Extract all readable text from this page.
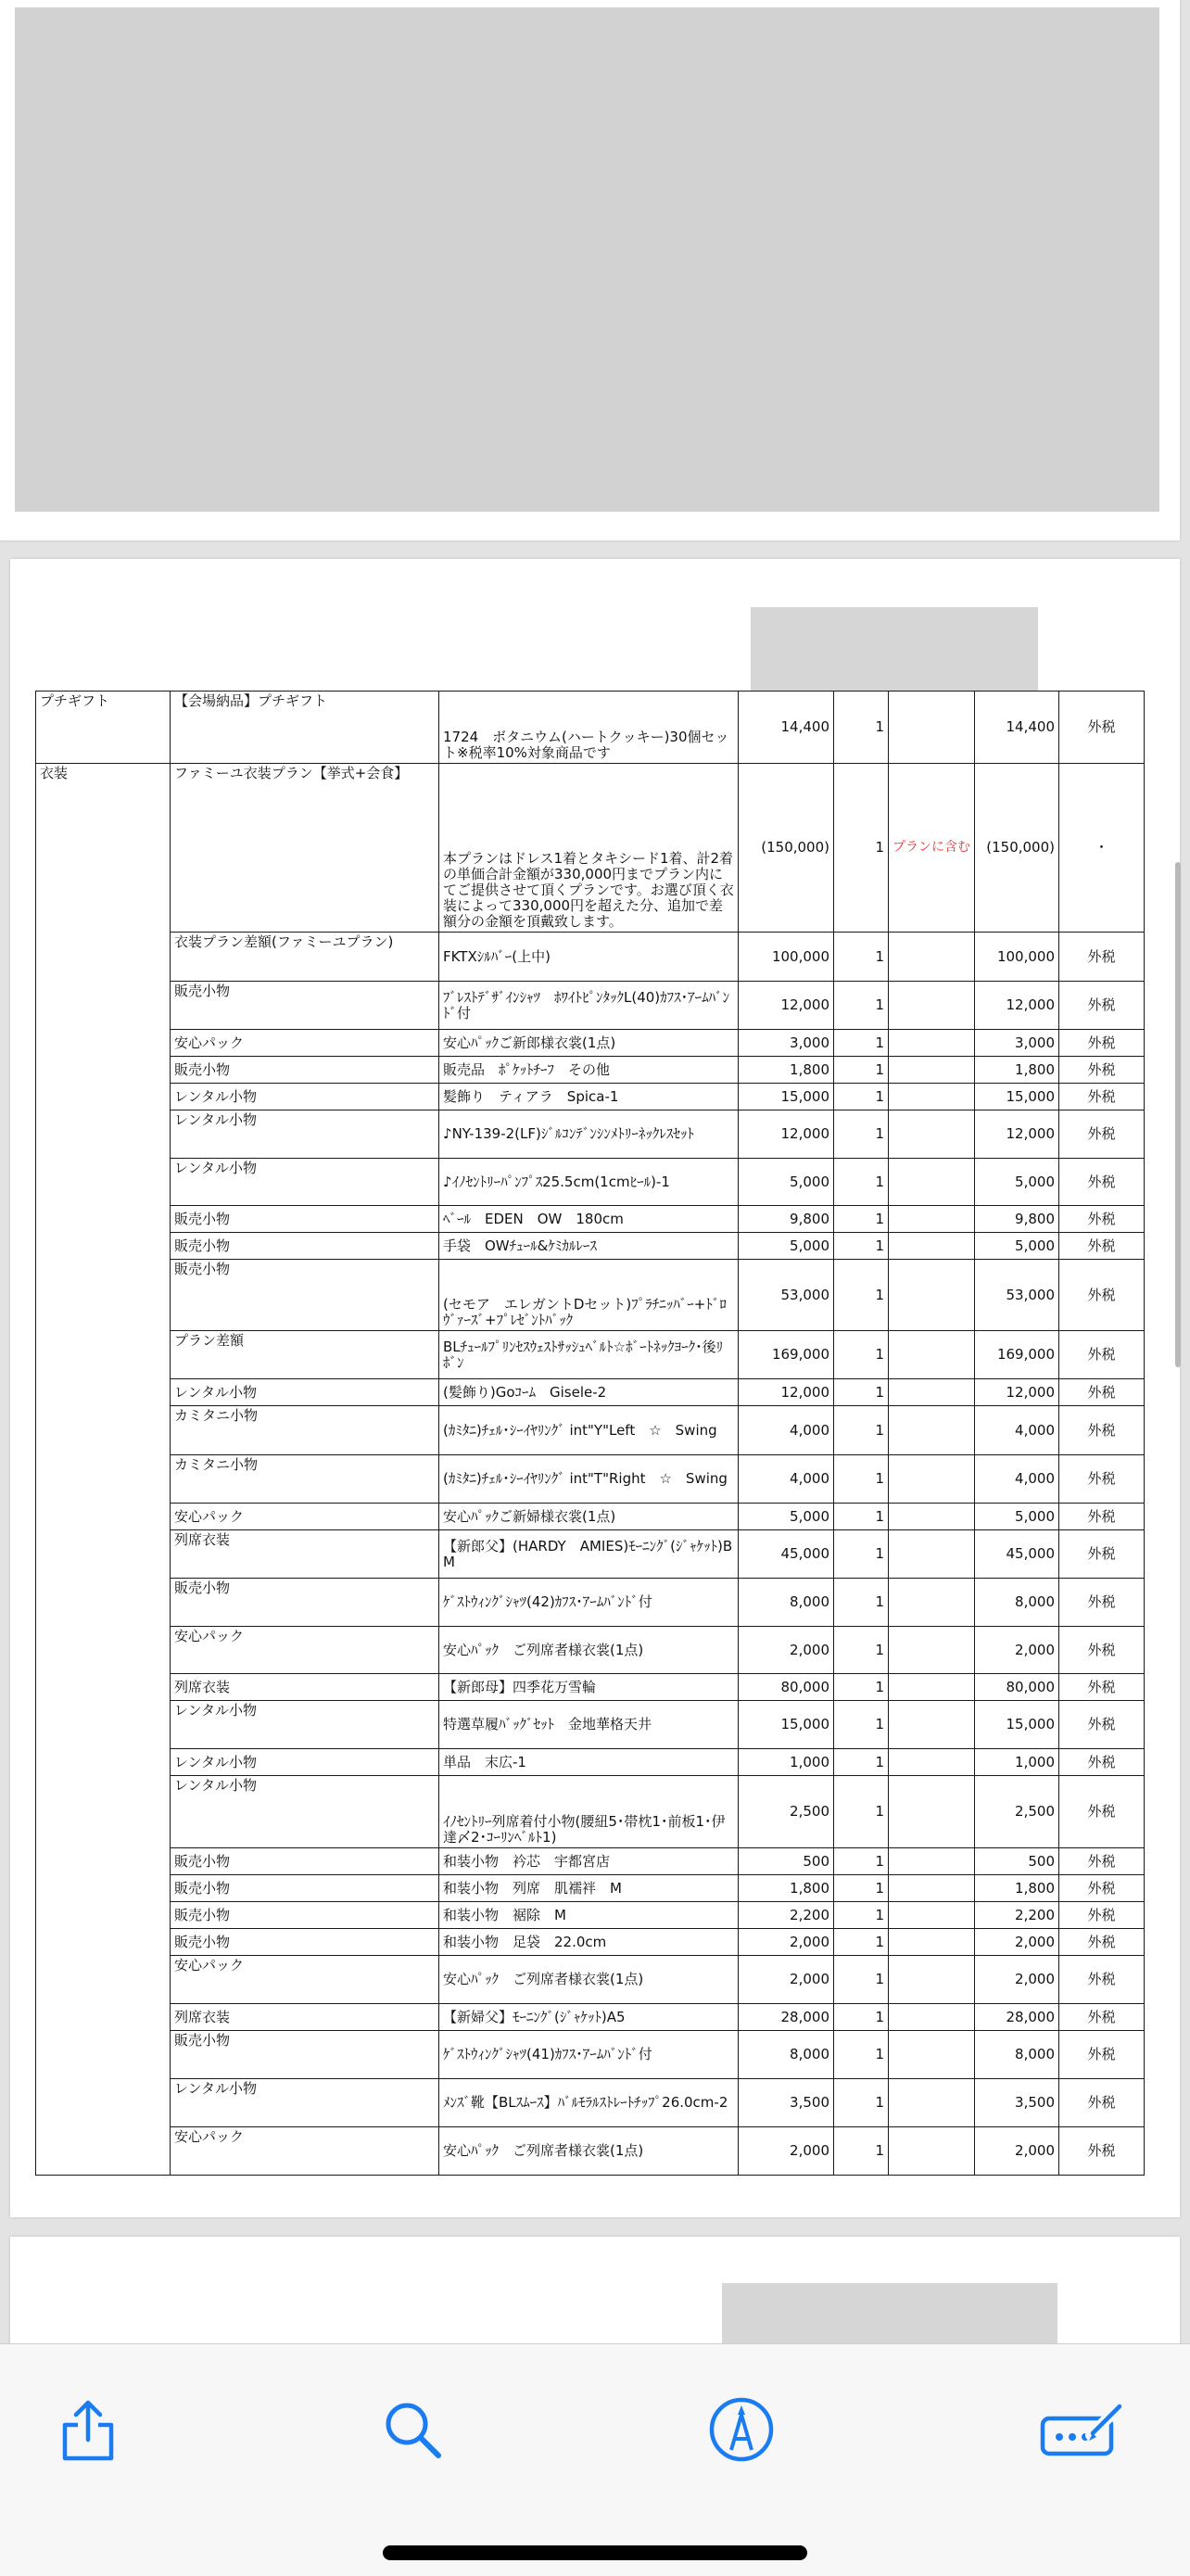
プチギフト	【会場納品】プチギフト	1724　ボタニウム(ハートクッキー)30個セット※税率10%対象商品です	14,400	1		14,400	外税
衣装	ファミーユ衣装プラン【挙式+会食】	本プランはドレス1着とタキシード1着、計2着の単価合計金額が330,000円までプラン内にてご提供させて頂くプランです。お選び頂く衣装によって330,000円を超えた分、追加で差額分の金額を頂戴致します。	(150,000)	1	プランに含む	(150,000)	・
	衣装プラン差額(ファミーユプラン)	FKTXｼﾙﾊﾞｰ(上中)	100,000	1		100,000	外税
	販売小物	ﾌﾞﾚｽﾄﾃﾞｻﾞｲﾝｼｬﾂ　ﾎﾜｲﾄﾋﾟﾝﾀｯｸL(40)ｶﾌｽ･ｱｰﾑﾊﾞﾝﾄﾞ付	12,000	1		12,000	外税
	安心パック	安心ﾊﾟｯｸご新郎様衣裳(1点)	3,000	1		3,000	外税
	販売小物	販売品　ﾎﾟｹｯﾄﾁｰﾌ　その他	1,800	1		1,800	外税
	レンタル小物	髪飾り　ティアラ　Spica-1	15,000	1		15,000	外税
	レンタル小物	♪NY-139-2(LF)ｼﾞﾙｺﾝﾃﾞﾝｼﾝﾒﾄﾘｰﾈｯｸﾚｽｾｯﾄ	12,000	1		12,000	外税
	レンタル小物	♪ｲﾉｾﾝﾄﾘｰﾊﾟﾝﾌﾟｽ25.5cm(1cmﾋｰﾙ)-1	5,000	1		5,000	外税
	販売小物	ﾍﾞｰﾙ　EDEN　OW　180cm	9,800	1		9,800	外税
	販売小物	手袋　OWﾁｭｰﾙ&ｹﾐｶﾙﾚｰｽ	5,000	1		5,000	外税
	販売小物	(セモア　エレガントDセット)ﾌﾟﾗﾁﾆｯﾊﾞｰ+ﾄﾞﾛｳﾞｧｰｽﾞ+ﾌﾟﾚｾﾞﾝﾄﾊﾞｯｸ	53,000	1		53,000	外税
	プラン差額	BLﾁｭｰﾙﾌﾟﾘﾝｾｽｳｪｽﾄｻｯｼｭﾍﾞﾙﾄ☆ﾎﾞｰﾄﾈｯｸﾖｰｸ･後ﾘﾎﾞﾝ	169,000	1		169,000	外税
	レンタル小物	(髪飾り)Goｺｰﾑ　Gisele-2	12,000	1		12,000	外税
	カミタニ小物	(ｶﾐﾀﾆ)ﾁｪﾙ･ｼｰｲﾔﾘﾝｸﾞ int"Y"Left　☆　Swing	4,000	1		4,000	外税
	カミタニ小物	(ｶﾐﾀﾆ)ﾁｪﾙ･ｼｰｲﾔﾘﾝｸﾞ int"T"Right　☆　Swing	4,000	1		4,000	外税
	安心パック	安心ﾊﾟｯｸご新婦様衣裳(1点)	5,000	1		5,000	外税
	列席衣装	【新郎父】(HARDY　AMIES)ﾓｰﾆﾝｸﾞ(ｼﾞｬｹｯﾄ)BM	45,000	1		45,000	外税
	販売小物	ｹﾞｽﾄｳｨﾝｸﾞｼｬﾂ(42)ｶﾌｽ･ｱｰﾑﾊﾞﾝﾄﾞ付	8,000	1		8,000	外税
	安心パック	安心ﾊﾟｯｸ　ご列席者様衣裳(1点)	2,000	1		2,000	外税
	列席衣装	【新郎母】四季花万雪輪	80,000	1		80,000	外税
	レンタル小物	特選草履ﾊﾞｯｸﾞｾｯﾄ　金地華格天井	15,000	1		15,000	外税
	レンタル小物	単品　末広-1	1,000	1		1,000	外税
	レンタル小物	ｲﾉｾﾝﾄﾘｰ列席着付小物(腰紐5･帯枕1･前板1･伊達〆2･ｺｰﾘﾝﾍﾞﾙﾄ1)	2,500	1		2,500	外税
	販売小物	和装小物　衿芯　宇都宮店	500	1		500	外税
	販売小物	和装小物　列席　肌襦袢　M	1,800	1		1,800	外税
	販売小物	和装小物　裾除　M	2,200	1		2,200	外税
	販売小物	和装小物　足袋　22.0cm	2,000	1		2,000	外税
	安心パック	安心ﾊﾟｯｸ　ご列席者様衣裳(1点)	2,000	1		2,000	外税
	列席衣装	【新婦父】ﾓｰﾆﾝｸﾞ(ｼﾞｬｹｯﾄ)A5	28,000	1		28,000	外税
	販売小物	ｹﾞｽﾄｳｨﾝｸﾞｼｬﾂ(41)ｶﾌｽ･ｱｰﾑﾊﾞﾝﾄﾞ付	8,000	1		8,000	外税
	レンタル小物	ﾒﾝｽﾞ靴【BLｽﾑｰｽ】ﾊﾞﾙﾓﾗﾙｽﾄﾚｰﾄﾁｯﾌﾟ26.0cm-2	3,500	1		3,500	外税
	安心パック	安心ﾊﾟｯｸ　ご列席者様衣裳(1点)	2,000	1		2,000	外税
